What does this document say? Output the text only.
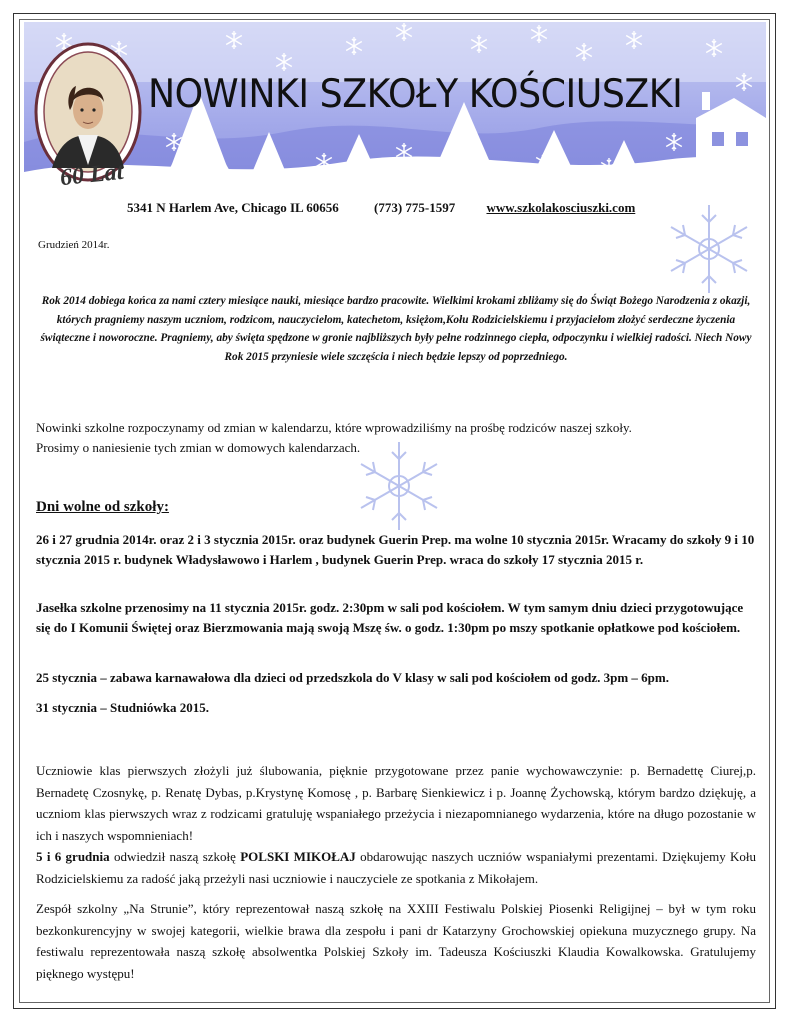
60 Lat
NOWINKI SZKOŁY KOŚCIUSZKI
5341 N Harlem Ave, Chicago IL 60656	(773) 775-1597 www.szkolakosciuszki.com
Grudzień 2014r.
Rok 2014 dobiega końca za nami cztery miesiące nauki, miesiące bardzo pracowite. Wielkimi krokami zbliżamy się do Świąt Bożego Narodzenia z okazji, których pragniemy naszym uczniom, rodzicom, nauczycielom, katechetom, księżom,Kołu Rodzicielskiemu i przyjaciełom złożyć serdeczne życzenia świąteczne i noworoczne. Pragniemy, aby święta spędzone w gronie najbliższych były pełne rodzinnego ciepła, odpoczynku i wielkiej radości. Niech Nowy Rok 2015 przyniesie wiele szczęścia i niech będzie lepszy od poprzedniego.
Nowinki szkolne rozpoczynamy od zmian w kalendarzu, które wprowadziliśmy na prośbę rodziców naszej szkoły.
Prosimy o naniesienie tych zmian w domowych kalendarzach.
Dni wolne od szkoły:
26 i 27 grudnia 2014r. oraz 2 i 3 stycznia 2015r. oraz budynek Guerin Prep. ma wolne 10 stycznia 2015r. Wracamy do szkoły 9 i 10 stycznia 2015 r. budynek Władysławowo i Harlem , budynek Guerin Prep. wraca do szkoły 17 stycznia 2015 r.
Jasełka szkolne przenosimy na 11 stycznia 2015r. godz. 2:30pm w sali pod kościołem. W tym samym dniu dzieci przygotowujące się do I Komunii Świętej oraz Bierzmowania mają swoją Mszę św. o godz. 1:30pm po mszy spotkanie opłatkowe pod kościołem.
25 stycznia – zabawa karnawałowa dla dzieci od przedszkola do V klasy w sali pod kościołem od godz. 3pm – 6pm.
31 stycznia – Studniówka 2015.
Uczniowie klas pierwszych złożyli już ślubowania, pięknie przygotowane przez panie wychowawczynie: p. Bernadettę Ciurej,p. Bernadetę Czosnykę, p. Renatę Dybas, p.Krystynę Komosę , p. Barbarę Sienkiewicz i p. Joannę Żychowską, którym bardzo dziękuję, a uczniom klas pierwszych wraz z rodzicami gratuluję wspaniałego przeżycia i niezapomnianego wydarzenia, które na długo pozostanie w ich i naszych wspomnieniach!
5 i 6 grudnia odwiedził naszą szkołę POLSKI MIKOŁAJ obdarowując naszych uczniów wspaniałymi prezentami. Dziękujemy Kołu Rodzicielskiemu za radość jaką przeżyli nasi uczniowie i nauczyciele ze spotkania z Mikołajem.
Zespół szkolny „Na Strunie”, który reprezentował naszą szkołę na XXIII Festiwalu Polskiej Piosenki Religijnej – był w tym roku bezkonkurencyjny w swojej kategorii, wielkie brawa dla zespołu i pani dr Katarzyny Grochowskiej opiekuna muzycznego grupy. Na festiwalu reprezentowała naszą szkołę absolwentka Polskiej Szkoły im. Tadeusza Kościuszki Klaudia Kowalkowska. Gratulujemy pięknego występu!
